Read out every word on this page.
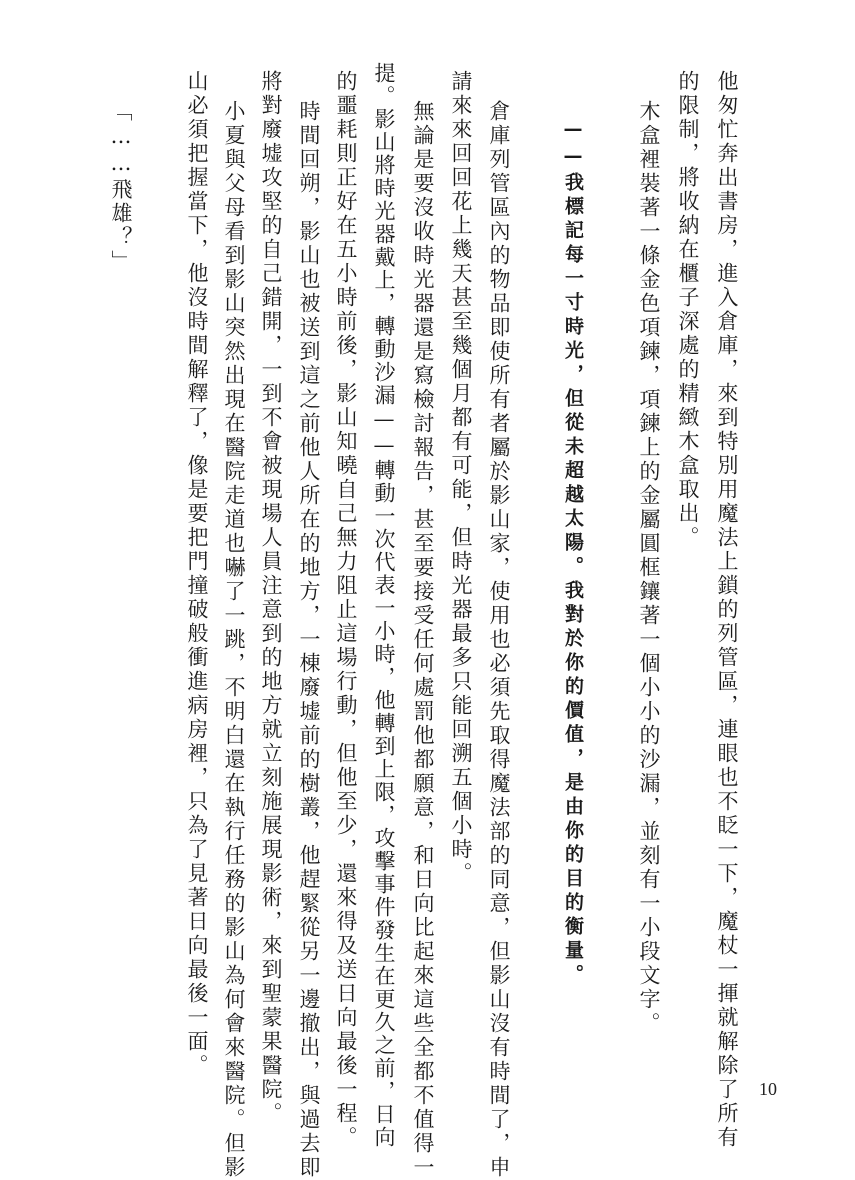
他匆忙奔出書房，進入倉庫，來到特別用魔法上鎖的列管區，連眼也不眨一下，魔杖一揮就解除了所有

的限制，將收納在櫃子深處的精緻木盒取出。

木盒裡裝著一條金色項鍊，項鍊上的金屬圓框鑲著一個小小的沙漏，並刻有一小段文字。

——我標記每一寸時光，但從未超越太陽。我對於你的價值，是由你的目的衡量。

倉庫列管區內的物品即使所有者屬於影山家，使用也必須先取得魔法部的同意，但影山沒有時間了，申

請來來回回花上幾天甚至幾個月都有可能，但時光器最多只能回溯五個小時。

無論是要沒收時光器還是寫檢討報告，甚至要接受任何處罰他都願意，和日向比起來這些全都不值得一

提。影山將時光器戴上，轉動沙漏——轉動一次代表一小時，他轉到上限，攻擊事件發生在更久之前，日向

的噩耗則正好在五小時前後，影山知曉自己無力阻止這場行動，但他至少，還來得及送日向最後一程。

時間回朔，影山也被送到這之前他人所在的地方，一棟廢墟前的樹叢，他趕緊從另一邊撤出，與過去即

將對廢墟攻堅的自己錯開，一到不會被現場人員注意到的地方就立刻施展現影術，來到聖蒙果醫院。

小夏與父母看到影山突然出現在醫院走道也嚇了一跳，不明白還在執行任務的影山為何會來醫院。但影

山必須把握當下，他沒時間解釋了，像是要把門撞破般衝進病房裡，只為了見著日向最後一面。

「……飛雄？」

10
